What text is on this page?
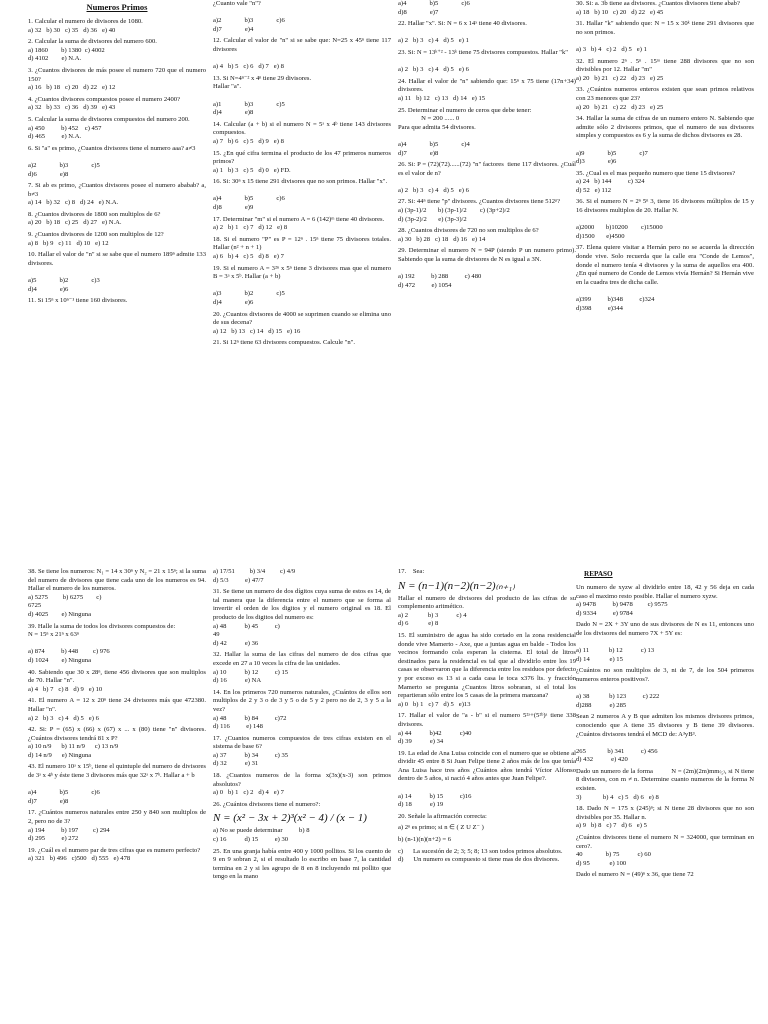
Numeros Primos
1. Calcular el numero de divisores de 1080.
a) 32   b) 30   c) 35   d) 36   e) 40
2. Calcular la suma de divisores del numero 600.
a) 1860        b) 1380  c) 4002
d) 4102        e) N.A.
3. ¿Cuantos divisores de más posee el numero 720 que el numero 150?
a) 16   b) 18   c) 20   d) 22   e) 12
4. ¿Cuantos divisores compuestos posee el numero 2400?
a) 32   b) 33   c) 36   d) 39   e) 43
5. Calcular la suma de divisores compuestos del numero 200.
a) 450          b) 452    c) 457
d) 465          e) N.A.
6. Si "a" es primo, ¿Cuantos divisores tiene el numero aaa? a≠3

a)2              b)3              c)5
d)6              e)8
7. Si ab es primo, ¿Cuantos divisores posee el numero ababab? a, b≠3
a) 14   b) 32   c) 8   d) 24   e) N.A.
8. ¿Cuantos divisores de 1800 son multiplos de 6?
a) 20   b) 18   c) 25   d) 27   e) N.A.
9. ¿Cuantos divisores de 1200 son multiplos de 12?
a) 8   b) 9   c) 11   d) 10   e) 12
10. Hallar el valor de "n" si se sabe que el numero 189ⁿ admite 133 divisores.

a)5              b)2              c)3
d)4              e)6
11. Si 15ⁿ x 10ⁿ⁻¹ tiene 160 divisores.
¿Cuanto vale "n"?

a)2              b)3              c)6
d)7              e)4
12. Calcular el valor de "n" si se sabe que: N=25 x 45ⁿ tiene 117 divisores

a) 4   b) 5   c) 6   d) 7   e) 8
13. Si N=4ⁿ⁻² x 4ⁿ tiene 29 divisores.
Hallar "a".

a)1              b)3              c)5
d)4              e)8
14. Calcular (a + b) si el numero N = 5ᵃ x 4ᵇ tiene 143 divisores compuestos.
a) 7   b) 6   c) 5   d) 9   e) 8
15. ¿En qué cifra termina el producto de los 47 primeros numeros primos?
a) 1   b) 3   c) 5   d) 0   e) FD.
16. Si: 30ⁿ x 15 tiene 291 divisores que no son primos. Hallar "x".

a)4              b)5              c)6
d)8              e)9
17. Determinar "m" si el numero A = 6 (142)ᵐ tiene 40 divisores.
a) 2   b) 1   c) 7   d) 12   e) 8
18. Si el numero "P" es P = 12ⁿ . 15ⁿ tiene 75 divisores totales. Hallar (n² + n + 1)
a) 6   b) 4   c) 5   d) 8   e) 7
19. Si el numero A = 3²ⁿ x 5ⁿ tiene 3 divisores mas que el numero B = 3ᵃ x 5ᵇ. Hallar (a + b)

a)3              b)2              c)5
d)4              e)6
20. ¿Cuantos divisores de 4000 se suprimen cuando se elimina uno de sus decena?
a) 12   b) 13   c) 14   d) 15   e) 16
21. Si 12ⁿ tiene 63 divisores compuestos. Calcule "n".
a)4              b)5              c)6
d)8              e)7
22. Hallar "x". Si: N = 6 x 14ˣ tiene 40 divisores.

a) 2   b) 3   c) 4   d) 5   e) 1
23. Si: N = 13ᵏ⁺² - 13ᵏ tiene 75 divisores compuestos. Hallar "k"

a) 2   b) 3   c) 4   d) 5   e) 6
24. Hallar el valor de "n" sabiendo que: 15ⁿ x 75 tiene (17n+34) divisores.
a) 11   b) 12   c) 13   d) 14   e) 15
25. Determinar el numero de ceros que debe tener:
N = 200 ...... 0
Para que admita 54 divisores.

a)4              b)5              c)4
d)7              e)8
26. Si: P = (72)(72)......(72) "n" factores  tiene 117 divisores. ¿Cuál es el valor de n?

a) 2   b) 3   c) 4   d) 5   e) 6
27. Si: 44ⁿ tiene "p" divisores. ¿Cuantos divisores tiene 512ᵖ?
a) (3p-1)/2       b) (3p-1)/2        c) (3p+2)/2
d) (3p-2)/2       e) (3p-3)/2
28. ¿Cuantos divisores de 720 no son multiplos de 6?
a) 30   b) 28   c) 18   d) 16   e) 14
29. Determinar el numero N = 94P (siendo P un numero primo). Sabiendo que la suma de divisores de N es igual a 3N.

a) 192          b) 288          c) 480
d) 472          e) 1054
30. Si: a. 3b tiene aa divisores. ¿Cuantos divisores tiene abab?
a) 18   b) 10   c) 20   d) 22   e) 45
31. Hallar "k" sabiendo que: N = 15 x 30ᵏ tiene 291 divisores que no son primos.

a) 3   b) 4   c) 2   d) 5   e) 1
32. El numero 2ⁿ . 5ⁿ . 15ᵐ tiene 288 divisores que no son divisibles por 12. Hallar "m"
a) 20   b) 21   c) 22   d) 23   e) 25
33. ¿Cuántos numeros enteros existen que sean primos relativos con 23 menores que 23?
a) 20   b) 21   c) 22   d) 23   e) 25
34. Hallar la suma de cifras de un numero entero N. Sabiendo que admite sólo 2 divisores primos, que el numero de sus divisores simples y compuestos es 6 y la suma de dichos divisores es 28.

a)9              b)5              c)7
d)3              e)6
35. ¿Cual es el mas pequeño numero que tiene 15 divisores?
a) 24   b) 144          c) 324
d) 52   e) 112
36. Si el numero N = 2ⁿ 5ⁿ 3, tiene 16 divisores múltiplos de 15 y 16 divisores multiplos de 20. Hallar N.

a)2000       b)10200        c)15000
d)1500       e)4500
37. Elena quiere visitar a Hernán pero no se acuerda la dirección donde vive. Solo recuerda que la calle era "Conde de Lemos", donde el numero tenía 4 divisores y la suma de aquellos era 400. ¿En qué numero de Conde de Lemos vivía Hernán? Si Hernán vive en la cuadra tres de dicha calle.

a)399          b)348          c)324
d)398          e)344
38. Se tiene los numeros: N₁ = 14 x 30ⁿ y N₂ = 21 x 15ⁿ; si la suma del numero de divisores que tiene cada uno de los numeros es 94. Hallar el numero de los numeros.
a) 5275         b) 6275        c)
6725
d) 4025        e) Ninguna
39. Halle la suma de todos los divisores compuestos de:
N = 15ⁿ x 21ⁿ x 63ⁿ

a) 874          b) 448         c) 976
d) 1024        e) Ninguna
40. Sabiendo que 30 x 28ⁿ, tiene 456 divisores que son multiplos de 70. Hallar "n".
a) 4   b) 7   c) 8   d) 9   e) 10
41. El numero A = 12 x 20ⁿ tiene 24 divisores más que 472380. Hallar "n".
a) 2   b) 3   c) 4   d) 5   e) 6
42. Si: P = (65) x (66) x (67) x ... x (80) tiene "n" divisores. ¿Cuántos divisores tendrá 81 x P?
a) 10 n/9      b) 11 n/9      c) 13 n/9
d) 14 n/9      e) Ninguna
43. El numero 10ᵃ x 15ᵇ, tiene el quintuple del numero de divisores de 3ᵃ x 4ᵇ y éste tiene 3 divisores más que 32ᵃ x 7ᵇ. Hallar a + b

a)4              b)5              c)6
d)7              e)8
17. ¿Cuántos numeros naturales entre 250 y 840 son multiplos de 2, pero no de 3?
a) 194          b) 197         c) 294
d) 295          e) 272
19. ¿Cuál es el numero par de tres cifras que es numero perfecto?
a) 321   b) 496   c)500   d) 555   e) 478
a) 17/51         b) 3/4         c) 4/9
d) 5/3          e) 47/7
31. Se tiene un numero de dos dígitos cuya suma de estos es 14, de tal manera que la diferencia entre el numero que se forma al invertir el orden de los digitos y el numero original es 18. El producto de los digitos del numero es:
a) 48           b) 45          c)
49
d) 42           e) 36
32. Hallar la suma de las cifras del numero de dos cifras que excede en 27 a 10 veces la cifra de las unidades.
a) 10           b) 12          c) 15
d) 16           e) NA
14. En los primeros 720 numeros naturales, ¿Cuántos de ellos son multiplos de 2 y 3 o de 3 y 5 o de 5 y 2 pero no de 2, 3 y 5 a la vez?
a) 48           b) 84          c)72
d) 116          e) 148
17. ¿Cuantos numeros compuestos de tres cifras existen en el sistema de base 6?
a) 37           b) 34          c) 35
d) 32           e) 31
18. ¿Cuantos numeros de la forma x(3x)(x-3) son primos absolutos?
a) 0   b) 1   c) 2   d) 4   e) 7
26. ¿Cuántos divisores tiene el numero?:
N = (x² − 3x + 2)³(x² − 4) / (x − 1)
a) No se puede determinar          b) 8
c) 16           d) 15          e) 30
25. En una granja había entre 400 y 1000 pollitos. Si los cuento de 9 en 9 sobran 2, si el resultado lo escribo en base 7, la cantidad termina en 2 y si les agrupo de 8 en 8 incluyendo mi pollito que tengo en la mano
17.    Sea:
N = (n−1)(n−2)(n−2)₍ₙ₊₁₎
Hallar el numero de divisores del producto de las cifras de su complemento aritmético.
a) 2            b) 3           c) 4
d) 6            e) 8
15. El suministro de agua ha sido cortado en la zona residencial donde vive Mamerto - Axe, que a juntas agua en balde - Todos los vecinos formando cola esperan la cisterna. El total de litros destinados para la residencial es tal que al dividirlo entre los 19 casas se observaron que la diferencia entre los residuos por defecto y por exceso es 13 si a cada casa le toca x376 lts. y fracción Mamerto se pregunta ¿Cuantos litros sobraran, si el total los repartieran sólo entre los 5 casas de la primera manzana?
a) 0   b) 1   c) 7   d) 5   e)13
17. Hallar el valor de "a - b" si el numero 5²ᵃ+(5²ᵇ)ᵃ tiene 338 divisores.
a) 44           b)42           c)40
d) 39           e) 34
19. La edad de Ana Luisa coincide con el numero que se obtiene al dividir 45 entre 8 Si Juan Felipe tiene 2 años más de los que tenía Ana Luisa hace tres años ¿Cuántos años tendrá Víctor Alfonso dentro de 5 años, si nació 4 años antes que Juan Felipe?.

a) 14           b) 15          c)16
d) 18           e) 19
20. Señale la afirmación correcta:
a) 2ⁿ es primo; si n ∈ ( Z U Z⁻ )
b) (n-1)(n)(n+2) = 6
c)      La sucesión de 2; 3; 5; 8; 13 son todos primos absolutos.
d)      Un numero es compuesto si tiene mas de dos divisores.
REPASO
Un numero de xyzw al dividirlo entre 18, 42 y 56 deja en cada caso el maximo resto posible. Hallar el numero xyzw.
a) 9478          b) 9478         c) 9575
d) 9334          e) 9784
Dado N = 2X + 3Y uno de sus divisores de N es 11, entonces uno de los divisores del numero 7X + 5Y es:

a) 11            b) 12           c) 13
d) 14            e) 15
¿Cuántos no son multiplos de 3, ni de 7, de los 504 primeros numeros enteros positivos?.

a) 38            b) 123          c) 222
d)288           e) 285
Sean 2 numeros A y B que admiten los mismos divisores primos, conociendo que A tiene 35 divisores y B tiene 39 divisores. ¿Cuántos divisores tendrá el MCD de: A³yB³.

265             b) 341          c) 456
d) 432           e) 420
Dado un numero de la forma          N = (2m)(2m)mm₍₅₎, si N tiene 8 divisores, con m ≠ n. Determine cuanto numeros de la forma N existen.
3)             b) 4   c) 5   d) 6   e) 8
18. Dado N = 175 x (245)ⁿ; si N tiene 28 divisores que no son divisibles por 35. Hallar n.
a) 9   b) 8   c) 7   d) 6   e) 5
¿Cuántos divisores tiene el numero N = 324000, que terminan en cero?.
40              b) 75           c) 60
d) 95            e) 100
Dado el numero N = (49)ⁿ x 36, que tiene 72
